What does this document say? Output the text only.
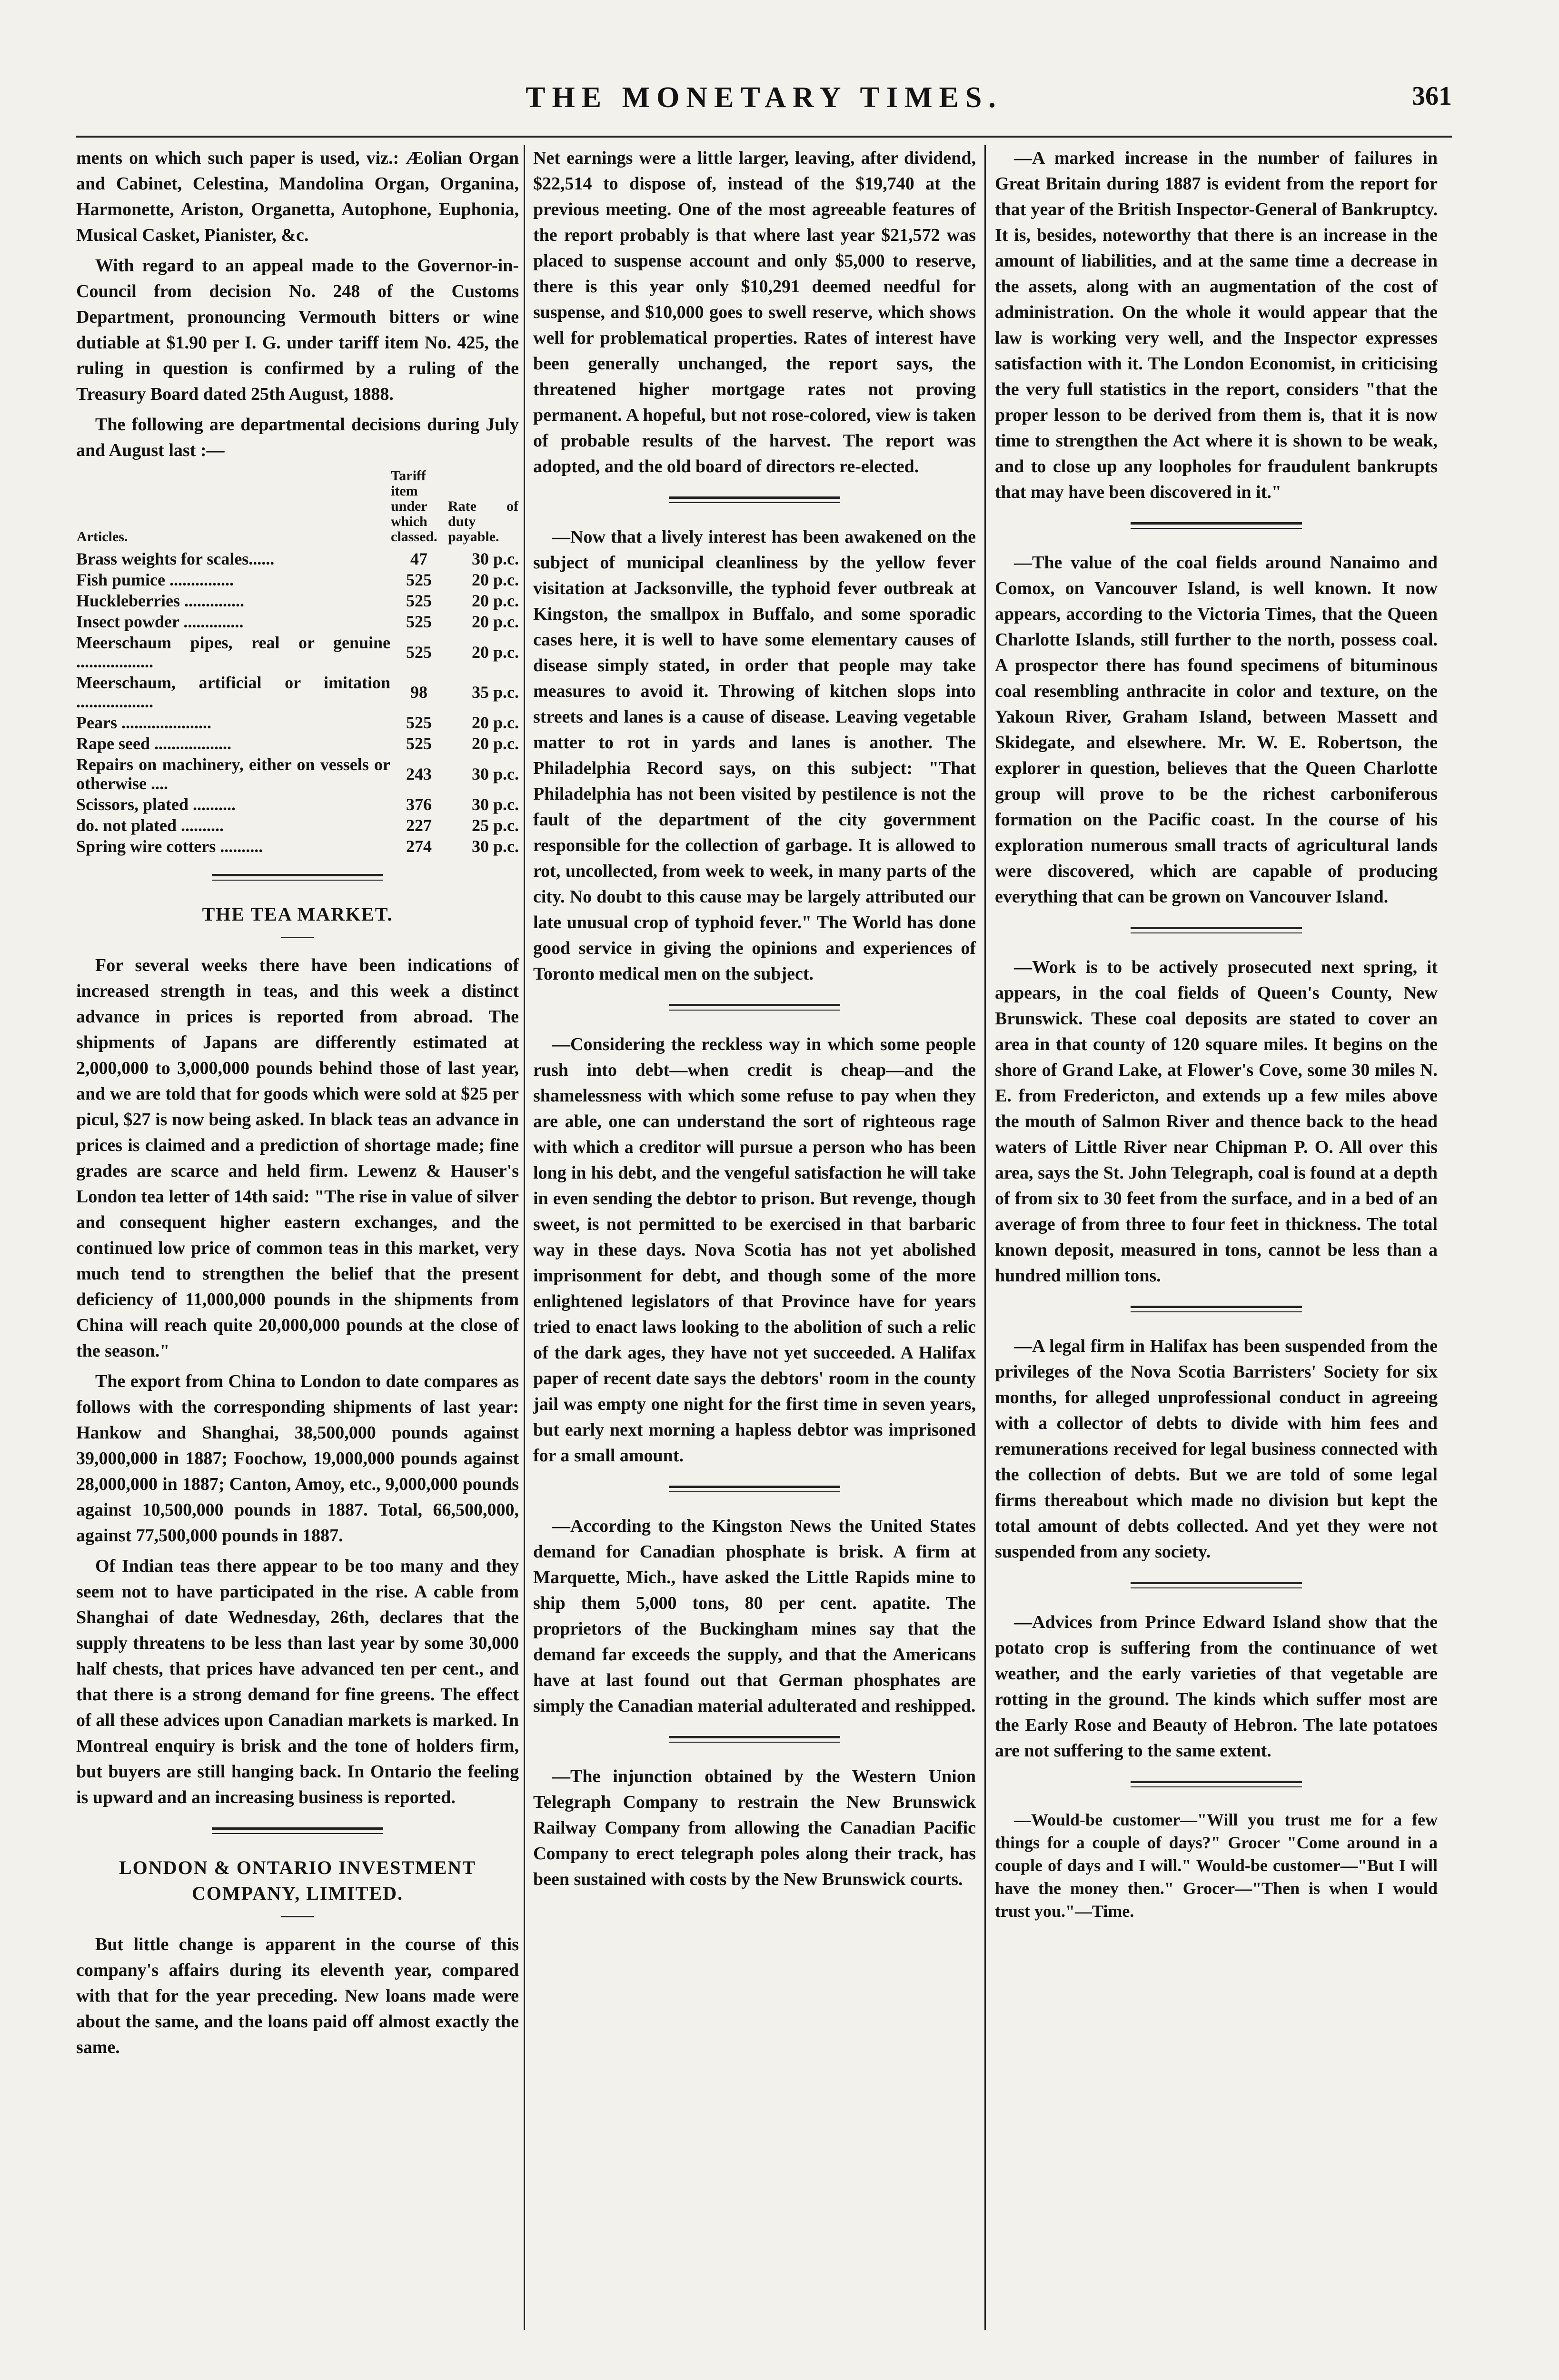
THE MONETARY TIMES.	361

ments on which such paper is used, viz.: Æolian Organ and Cabinet, Celestina, Mandolina Organ, Organina, Harmonette, Ariston, Organetta, Autophone, Euphonia, Musical Casket, Pianister, &c.

With regard to an appeal made to the Governor-in-Council from decision No. 248 of the Customs Department, pronouncing Vermouth bitters or wine dutiable at $1.90 per I. G. under tariff item No. 425, the ruling in question is confirmed by a ruling of the Treasury Board dated 25th August, 1888.

The following are departmental decisions during July and August last :—

Articles.	Tariff item under which classed.	Rate of duty payable.
Brass weights for scales......	47	30 p.c.
Fish pumice ...............	525	20 p.c.
Huckleberries ..............	525	20 p.c.
Insect powder ..............	525	20 p.c.
Meerschaum pipes, real or genuine ..................	525	20 p.c.
Meerschaum, artificial or imitation ..................	98	35 p.c.
Pears .....................	525	20 p.c.
Rape seed ..................	525	20 p.c.
Repairs on machinery, either on vessels or otherwise ....	243	30 p.c.
Scissors, plated ..........	376	30 p.c.
do. not plated ..........	227	25 p.c.
Spring wire cotters ..........	274	30 p.c.
THE TEA MARKET.

For several weeks there have been indications of increased strength in teas, and this week a distinct advance in prices is reported from abroad. The shipments of Japans are differently estimated at 2,000,000 to 3,000,000 pounds behind those of last year, and we are told that for goods which were sold at $25 per picul, $27 is now being asked. In black teas an advance in prices is claimed and a prediction of shortage made; fine grades are scarce and held firm. Lewenz & Hauser's London tea letter of 14th said: "The rise in value of silver and consequent higher eastern exchanges, and the continued low price of common teas in this market, very much tend to strengthen the belief that the present deficiency of 11,000,000 pounds in the shipments from China will reach quite 20,000,000 pounds at the close of the season."

The export from China to London to date compares as follows with the corresponding shipments of last year: Hankow and Shanghai, 38,500,000 pounds against 39,000,000 in 1887; Foochow, 19,000,000 pounds against 28,000,000 in 1887; Canton, Amoy, etc., 9,000,000 pounds against 10,500,000 pounds in 1887. Total, 66,500,000, against 77,500,000 pounds in 1887.

Of Indian teas there appear to be too many and they seem not to have participated in the rise. A cable from Shanghai of date Wednesday, 26th, declares that the supply threatens to be less than last year by some 30,000 half chests, that prices have advanced ten per cent., and that there is a strong demand for fine greens. The effect of all these advices upon Canadian markets is marked. In Montreal enquiry is brisk and the tone of holders firm, but buyers are still hanging back. In Ontario the feeling is upward and an increasing business is reported.

LONDON & ONTARIO INVESTMENT COMPANY, LIMITED.

But little change is apparent in the course of this company's affairs during its eleventh year, compared with that for the year preceding. New loans made were about the same, and the loans paid off almost exactly the same.

Net earnings were a little larger, leaving, after dividend, $22,514 to dispose of, instead of the $19,740 at the previous meeting. One of the most agreeable features of the report probably is that where last year $21,572 was placed to suspense account and only $5,000 to reserve, there is this year only $10,291 deemed needful for suspense, and $10,000 goes to swell reserve, which shows well for problematical properties. Rates of interest have been generally unchanged, the report says, the threatened higher mortgage rates not proving permanent. A hopeful, but not rose-colored, view is taken of probable results of the harvest. The report was adopted, and the old board of directors re-elected.

—Now that a lively interest has been awakened on the subject of municipal cleanliness by the yellow fever visitation at Jacksonville, the typhoid fever outbreak at Kingston, the smallpox in Buffalo, and some sporadic cases here, it is well to have some elementary causes of disease simply stated, in order that people may take measures to avoid it. Throwing of kitchen slops into streets and lanes is a cause of disease. Leaving vegetable matter to rot in yards and lanes is another. The Philadelphia Record says, on this subject: "That Philadelphia has not been visited by pestilence is not the fault of the department of the city government responsible for the collection of garbage. It is allowed to rot, uncollected, from week to week, in many parts of the city. No doubt to this cause may be largely attributed our late unusual crop of typhoid fever." The World has done good service in giving the opinions and experiences of Toronto medical men on the subject.

—Considering the reckless way in which some people rush into debt—when credit is cheap—and the shamelessness with which some refuse to pay when they are able, one can understand the sort of righteous rage with which a creditor will pursue a person who has been long in his debt, and the vengeful satisfaction he will take in even sending the debtor to prison. But revenge, though sweet, is not permitted to be exercised in that barbaric way in these days. Nova Scotia has not yet abolished imprisonment for debt, and though some of the more enlightened legislators of that Province have for years tried to enact laws looking to the abolition of such a relic of the dark ages, they have not yet succeeded. A Halifax paper of recent date says the debtors' room in the county jail was empty one night for the first time in seven years, but early next morning a hapless debtor was imprisoned for a small amount.

—According to the Kingston News the United States demand for Canadian phosphate is brisk. A firm at Marquette, Mich., have asked the Little Rapids mine to ship them 5,000 tons, 80 per cent. apatite. The proprietors of the Buckingham mines say that the demand far exceeds the supply, and that the Americans have at last found out that German phosphates are simply the Canadian material adulterated and reshipped.

—The injunction obtained by the Western Union Telegraph Company to restrain the New Brunswick Railway Company from allowing the Canadian Pacific Company to erect telegraph poles along their track, has been sustained with costs by the New Brunswick courts.

—A marked increase in the number of failures in Great Britain during 1887 is evident from the report for that year of the British Inspector-General of Bankruptcy. It is, besides, noteworthy that there is an increase in the amount of liabilities, and at the same time a decrease in the assets, along with an augmentation of the cost of administration. On the whole it would appear that the law is working very well, and the Inspector expresses satisfaction with it. The London Economist, in criticising the very full statistics in the report, considers "that the proper lesson to be derived from them is, that it is now time to strengthen the Act where it is shown to be weak, and to close up any loopholes for fraudulent bankrupts that may have been discovered in it."

—The value of the coal fields around Nanaimo and Comox, on Vancouver Island, is well known. It now appears, according to the Victoria Times, that the Queen Charlotte Islands, still further to the north, possess coal. A prospector there has found specimens of bituminous coal resembling anthracite in color and texture, on the Yakoun River, Graham Island, between Massett and Skidegate, and elsewhere. Mr. W. E. Robertson, the explorer in question, believes that the Queen Charlotte group will prove to be the richest carboniferous formation on the Pacific coast. In the course of his exploration numerous small tracts of agricultural lands were discovered, which are capable of producing everything that can be grown on Vancouver Island.

—Work is to be actively prosecuted next spring, it appears, in the coal fields of Queen's County, New Brunswick. These coal deposits are stated to cover an area in that county of 120 square miles. It begins on the shore of Grand Lake, at Flower's Cove, some 30 miles N. E. from Fredericton, and extends up a few miles above the mouth of Salmon River and thence back to the head waters of Little River near Chipman P. O. All over this area, says the St. John Telegraph, coal is found at a depth of from six to 30 feet from the surface, and in a bed of an average of from three to four feet in thickness. The total known deposit, measured in tons, cannot be less than a hundred million tons.

—A legal firm in Halifax has been suspended from the privileges of the Nova Scotia Barristers' Society for six months, for alleged unprofessional conduct in agreeing with a collector of debts to divide with him fees and remunerations received for legal business connected with the collection of debts. But we are told of some legal firms thereabout which made no division but kept the total amount of debts collected. And yet they were not suspended from any society.

—Advices from Prince Edward Island show that the potato crop is suffering from the continuance of wet weather, and the early varieties of that vegetable are rotting in the ground. The kinds which suffer most are the Early Rose and Beauty of Hebron. The late potatoes are not suffering to the same extent.

—Would-be customer—"Will you trust me for a few things for a couple of days?" Grocer "Come around in a couple of days and I will." Would-be customer—"But I will have the money then." Grocer—"Then is when I would trust you."—Time.
